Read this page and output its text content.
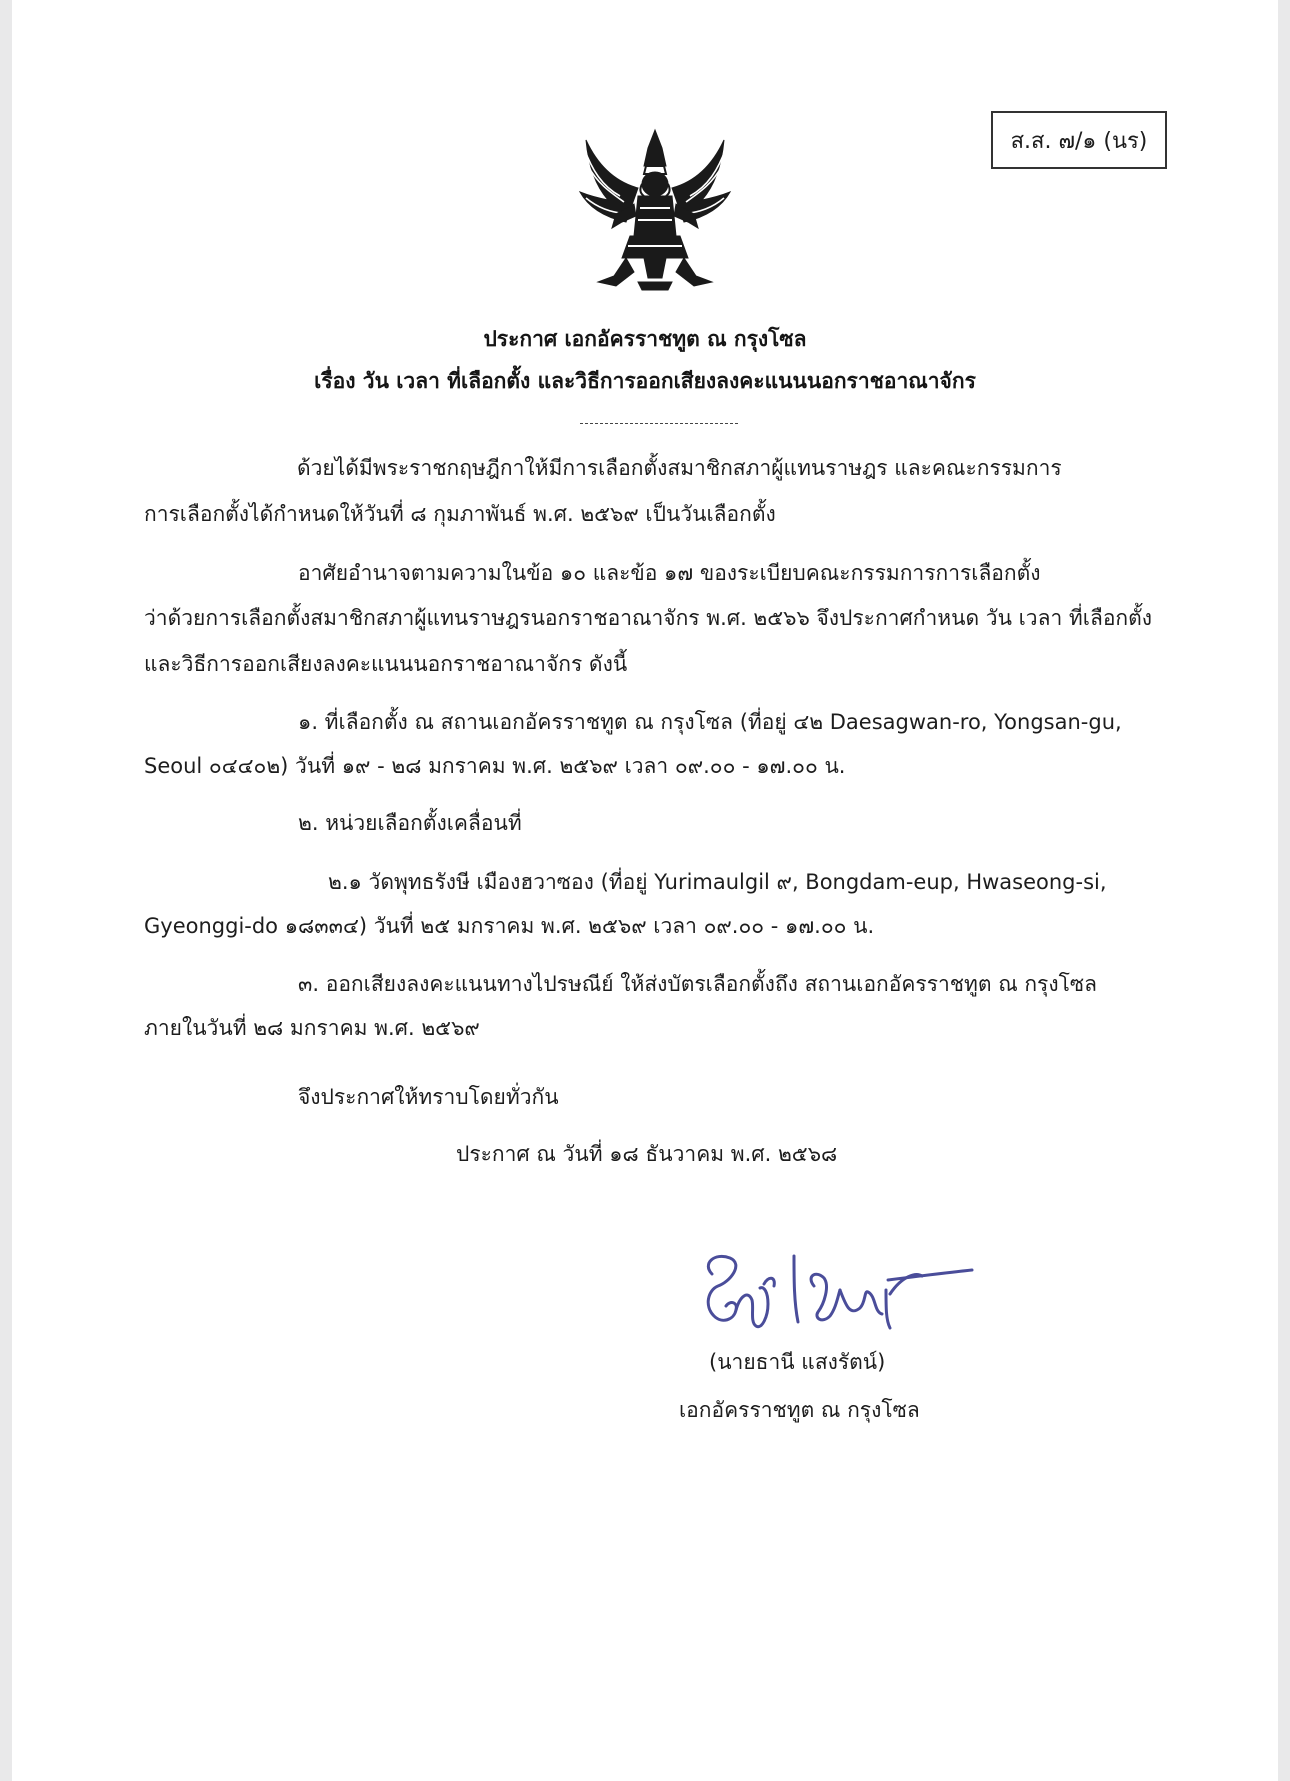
ส.ส. ๗/๑ (นร)
ประกาศ เอกอัครราชทูต ณ กรุงโซล
เรื่อง วัน เวลา ที่เลือกตั้ง และวิธีการออกเสียงลงคะแนนนอกราชอาณาจักร
ด้วยได้มีพระราชกฤษฎีกาให้มีการเลือกตั้งสมาชิกสภาผู้แทนราษฎร และคณะกรรมการ
การเลือกตั้งได้กำหนดให้วันที่ ๘ กุมภาพันธ์ พ.ศ. ๒๕๖๙ เป็นวันเลือกตั้ง
อาศัยอำนาจตามความในข้อ ๑๐ และข้อ ๑๗ ของระเบียบคณะกรรมการการเลือกตั้ง
ว่าด้วยการเลือกตั้งสมาชิกสภาผู้แทนราษฎรนอกราชอาณาจักร พ.ศ. ๒๕๖๖ จึงประกาศกำหนด วัน เวลา ที่เลือกตั้ง
และวิธีการออกเสียงลงคะแนนนอกราชอาณาจักร ดังนี้
๑. ที่เลือกตั้ง ณ สถานเอกอัครราชทูต ณ กรุงโซล (ที่อยู่ ๔๒ Daesagwan-ro, Yongsan-gu,
Seoul ๐๔๔๐๒) วันที่ ๑๙ - ๒๘ มกราคม พ.ศ. ๒๕๖๙ เวลา ๐๙.๐๐ - ๑๗.๐๐ น.
๒. หน่วยเลือกตั้งเคลื่อนที่
๒.๑ วัดพุทธรังษี เมืองฮวาซอง (ที่อยู่ Yurimaulgil ๙, Bongdam-eup, Hwaseong-si,
Gyeonggi-do ๑๘๓๓๔) วันที่ ๒๕ มกราคม พ.ศ. ๒๕๖๙ เวลา ๐๙.๐๐ - ๑๗.๐๐ น.
๓. ออกเสียงลงคะแนนทางไปรษณีย์ ให้ส่งบัตรเลือกตั้งถึง สถานเอกอัครราชทูต ณ กรุงโซล
ภายในวันที่ ๒๘ มกราคม พ.ศ. ๒๕๖๙
จึงประกาศให้ทราบโดยทั่วกัน
ประกาศ ณ วันที่ ๑๘ ธันวาคม พ.ศ. ๒๕๖๘
(นายธานี แสงรัตน์)
เอกอัครราชทูต ณ กรุงโซล
